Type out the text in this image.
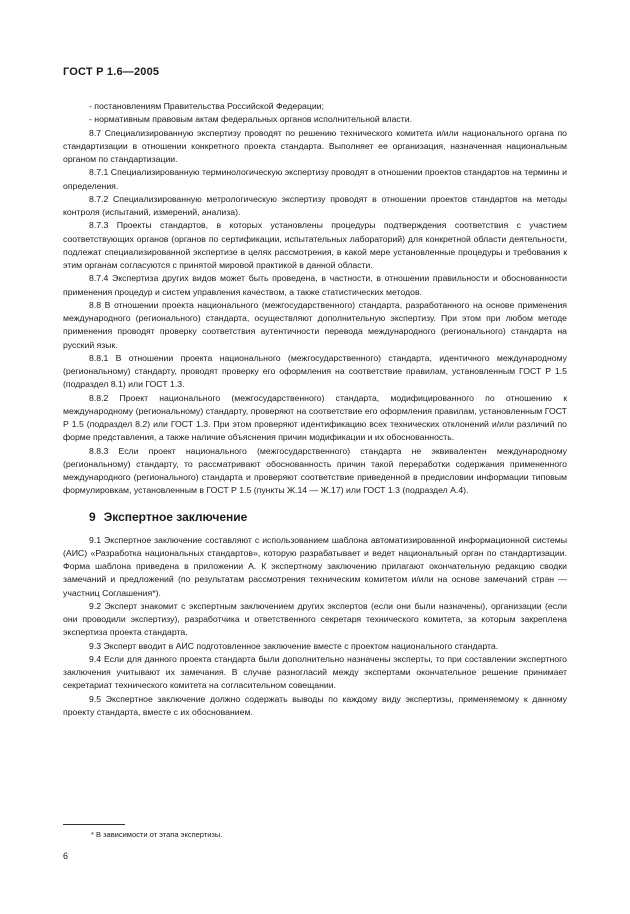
ГОСТ Р 1.6—2005

- постановлениям Правительства Российской Федерации;

- нормативным правовым актам федеральных органов исполнительной власти.

8.7 Специализированную экспертизу проводят по решению технического комитета и/или национального органа по стандартизации в отношении конкретного проекта стандарта. Выполняет ее организация, назначенная национальным органом по стандартизации.

8.7.1 Специализированную терминологическую экспертизу проводят в отношении проектов стандартов на термины и определения.

8.7.2 Специализированную метрологическую экспертизу проводят в отношении проектов стандартов на методы контроля (испытаний, измерений, анализа).

8.7.3 Проекты стандартов, в которых установлены процедуры подтверждения соответствия с участием соответствующих органов (органов по сертификации, испытательных лабораторий) для конкретной области деятельности, подлежат специализированной экспертизе в целях рассмотрения, в какой мере установленные процедуры и требования к этим органам согласуются с принятой мировой практикой в данной области.

8.7.4 Экспертиза других видов может быть проведена, в частности, в отношении правильности и обоснованности применения процедур и систем управления качеством, а также статистических методов.

8.8 В отношении проекта национального (межгосударственного) стандарта, разработанного на основе применения международного (регионального) стандарта, осуществляют дополнительную экспертизу. При этом при любом методе применения проводят проверку соответствия аутентичности перевода международного (регионального) стандарта на русский язык.

8.8.1 В отношении проекта национального (межгосударственного) стандарта, идентичного международному (региональному) стандарту, проводят проверку его оформления на соответствие правилам, установленным ГОСТ Р 1.5 (подраздел 8.1) или ГОСТ 1.3.

8.8.2 Проект национального (межгосударственного) стандарта, модифицированного по отношению к международному (региональному) стандарту, проверяют на соответствие его оформления правилам, установленным ГОСТ Р 1.5 (подраздел 8.2) или ГОСТ 1.3. При этом проверяют идентификацию всех технических отклонений и/или различий по форме представления, а также наличие объяснения причин модификации и их обоснованность.

8.8.3 Если проект национального (межгосударственного) стандарта не эквивалентен международному (региональному) стандарту, то рассматривают обоснованность причин такой переработки содержания примененного международного (регионального) стандарта и проверяют соответствие приведенной в предисловии информации типовым формулировкам, установленным в ГОСТ Р 1.5 (пункты Ж.14 — Ж.17) или ГОСТ 1.3 (подраздел А.4).

9 Экспертное заключение

9.1 Экспертное заключение составляют с использованием шаблона автоматизированной информационной системы (АИС) «Разработка национальных стандартов», которую разрабатывает и ведет национальный орган по стандартизации. Форма шаблона приведена в приложении А. К экспертному заключению прилагают окончательную редакцию сводки замечаний и предложений (по результатам рассмотрения техническим комитетом и/или на основе замечаний стран — участниц Соглашения*).

9.2 Эксперт знакомит с экспертным заключением других экспертов (если они были назначены), организации (если они проводили экспертизу), разработчика и ответственного секретаря технического комитета, за которым закреплена экспертиза проекта стандарта.

9.3 Эксперт вводит в АИС подготовленное заключение вместе с проектом национального стандарта.

9.4 Если для данного проекта стандарта были дополнительно назначены эксперты, то при составлении экспертного заключения учитывают их замечания. В случае разногласий между экспертами окончательное решение принимает секретариат технического комитета на согласительном совещании.

9.5 Экспертное заключение должно содержать выводы по каждому виду экспертизы, применяемому к данному проекту стандарта, вместе с их обоснованием.

* В зависимости от этапа экспертизы.
6
